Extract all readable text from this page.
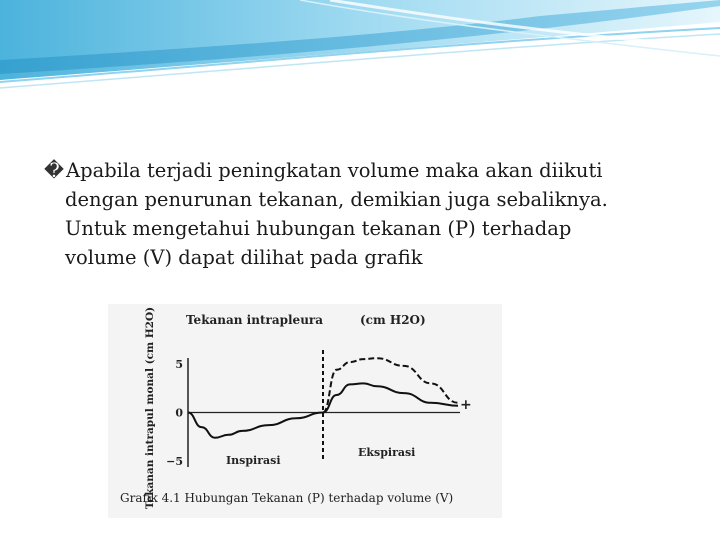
� Apabila terjadi peningkatan volume maka akan diikuti
dengan penurunan tekanan, demikian juga sebaliknya.
Untuk mengetahui hubungan tekanan (P) terhadap
volume (V) dapat dilihat pada grafik
Tekanan intrapleura	(cm H2O)
Tekanan intrapul monal (cm H2O) 5
0
−5
+
Inspirasi
Ekspirasi
Grafik 4.1 Hubungan Tekanan (P) terhadap volume (V)
